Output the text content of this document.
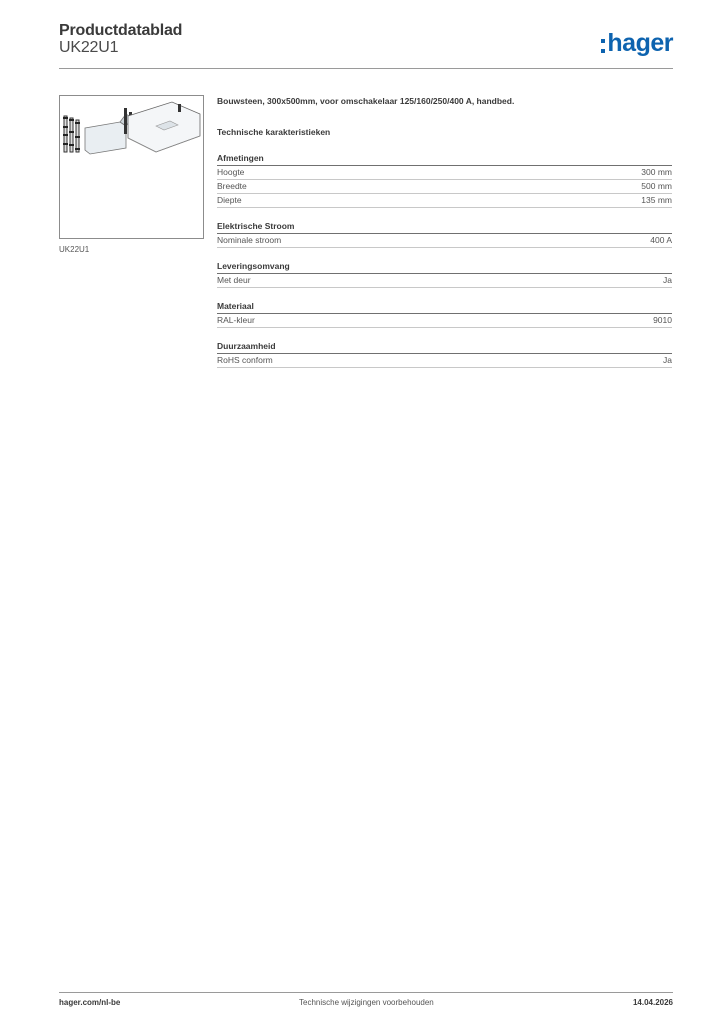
Productdatablad
UK22U1	hager
UK22U1
Bouwsteen, 300x500mm, voor omschakelaar 125/160/250/400 A, handbed.
Technische karakteristieken
Afmetingen
Hoogte	300 mm
Breedte	500 mm
Diepte	135 mm
Elektrische Stroom
Nominale stroom	400 A
Leveringsomvang
Met deur	Ja
Materiaal
RAL-kleur	9010
Duurzaamheid
RoHS conform	Ja
hager.com/nl-be	Technische wijzigingen voorbehouden	14.04.2026
